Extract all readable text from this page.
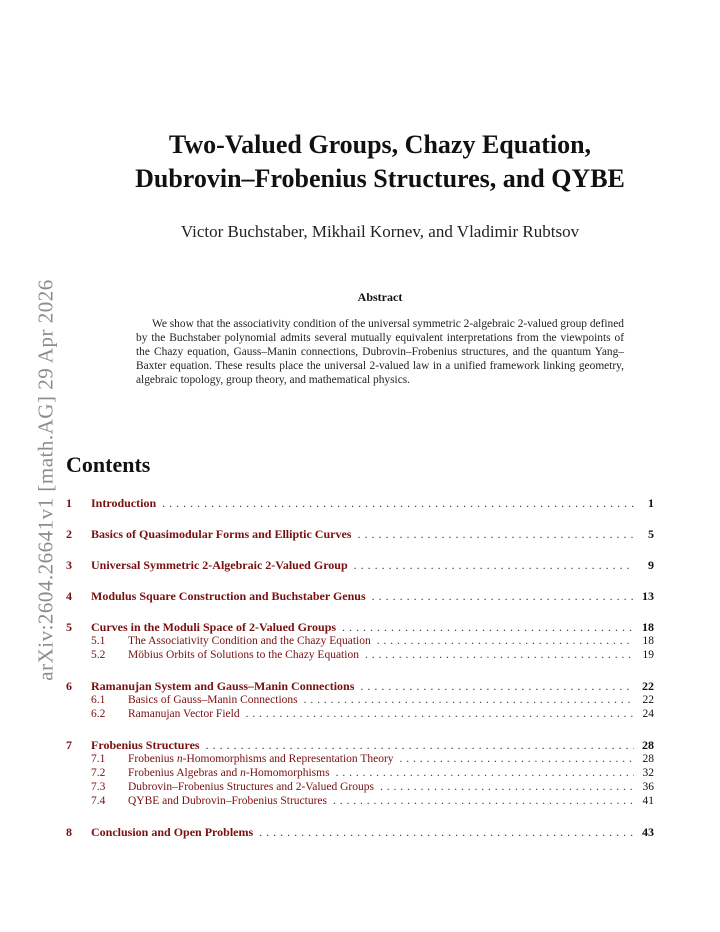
arXiv:2604.26641v1 [math.AG] 29 Apr 2026
Two-Valued Groups, Chazy Equation,
Dubrovin–Frobenius Structures, and QYBE
Victor Buchstaber, Mikhail Kornev, and Vladimir Rubtsov
Abstract
We show that the associativity condition of the universal symmetric 2-algebraic 2-valued group defined by the Buchstaber polynomial admits several mutually equivalent interpretations from the viewpoints of the Chazy equation, Gauss–Manin connections, Dubrovin–Frobenius structures, and the quantum Yang–Baxter equation. These results place the universal 2-valued law in a unified framework linking geometry, algebraic topology, group theory, and mathematical physics.
Contents
1	Introduction . . .	1
2	Basics of Quasimodular Forms and Elliptic Curves . . .	5
3	Universal Symmetric 2-Algebraic 2-Valued Group . . .	9
4	Modulus Square Construction and Buchstaber Genus . . .	13
5	Curves in the Moduli Space of 2-Valued Groups . . .	18
5.1	The Associativity Condition and the Chazy Equation . . .	18
5.2	Möbius Orbits of Solutions to the Chazy Equation . . .	19
6	Ramanujan System and Gauss–Manin Connections . . .	22
6.1	Basics of Gauss–Manin Connections . . .	22
6.2	Ramanujan Vector Field . . .	24
7	Frobenius Structures . . .	28
7.1	Frobenius n-Homomorphisms and Representation Theory . . .	28
7.2	Frobenius Algebras and n-Homomorphisms . . .	32
7.3	Dubrovin–Frobenius Structures and 2-Valued Groups . . .	36
7.4	QYBE and Dubrovin–Frobenius Structures . . .	41
8	Conclusion and Open Problems . . .	43
